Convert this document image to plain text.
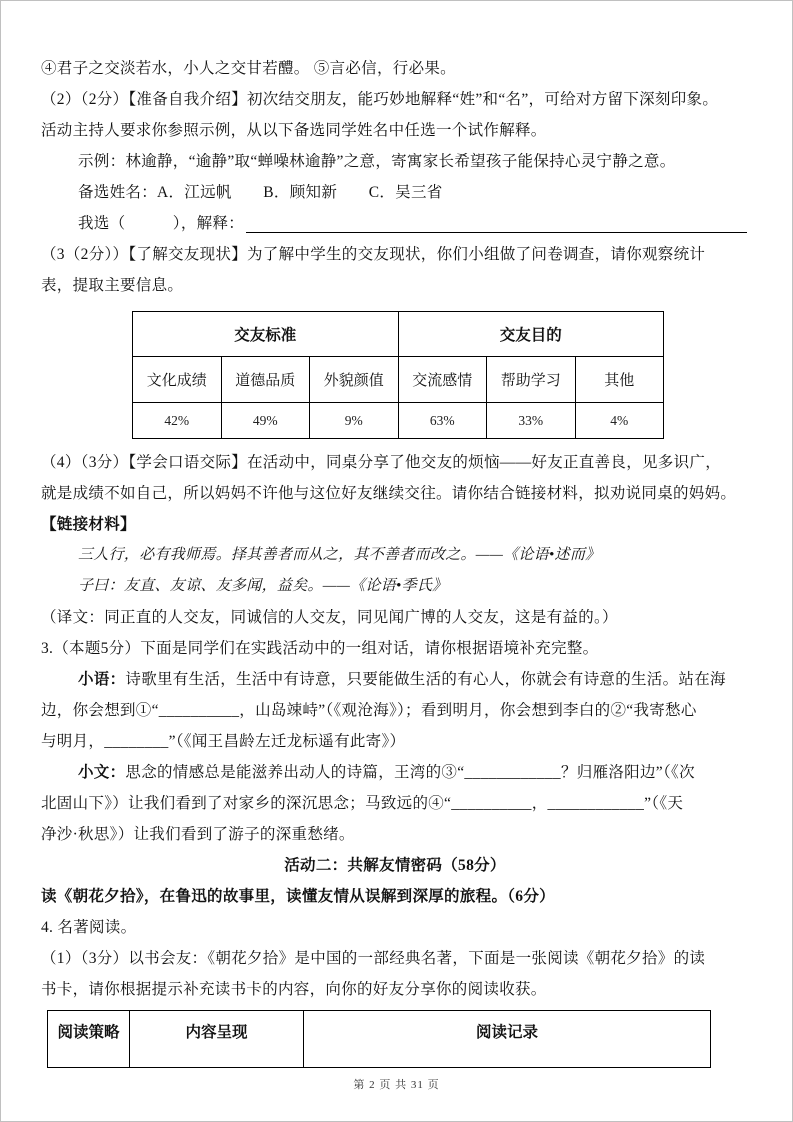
④君子之交淡若水，小人之交甘若醴。 ⑤言必信，行必果。
（2）（2分）【准备自我介绍】初次结交朋友，能巧妙地解释“姓”和“名”，可给对方留下深刻印象。
活动主持人要求你参照示例，从以下备选同学姓名中任选一个试作解释。
示例：林逾静，“逾静”取“蝉噪林逾静”之意，寄寓家长希望孩子能保持心灵宁静之意。
备选姓名：A．江远帆　　B．顾知新　　C．吴三省
我选（　　　），解释：
（3（2分））【了解交友现状】为了解中学生的交友现状，你们小组做了问卷调查，请你观察统计
表，提取主要信息。
交友标准			交友目的		
文化成绩	道德品质	外貌颜值	交流感情	帮助学习	其他
42%	49%	9%	63%	33%	4%
（4）（3分）【学会口语交际】在活动中，同桌分享了他交友的烦恼——好友正直善良，见多识广，
就是成绩不如自己，所以妈妈不许他与这位好友继续交往。请你结合链接材料，拟劝说同桌的妈妈。
【链接材料】
三人行，必有我师焉。择其善者而从之，其不善者而改之。——《论语•述而》
子曰：友直、友谅、友多闻，益矣。——《论语•季氏》
（译文：同正直的人交友，同诚信的人交友，同见闻广博的人交友，这是有益的。）
3.（本题5分）下面是同学们在实践活动中的一组对话，请你根据语境补充完整。
小语：诗歌里有生活，生活中有诗意，只要能做生活的有心人，你就会有诗意的生活。站在海
边，你会想到①“__________，山岛竦峙”（《观沧海》）；看到明月，你会想到李白的②“我寄愁心
与明月，________”（《闻王昌龄左迁龙标遥有此寄》）
小文：思念的情感总是能滋养出动人的诗篇，王湾的③“____________？归雁洛阳边”（《次
北固山下》）让我们看到了对家乡的深沉思念；马致远的④“__________，____________”（《天
净沙·秋思》）让我们看到了游子的深重愁绪。
活动二：共解友情密码（58分）
读《朝花夕拾》，在鲁迅的故事里，读懂友情从误解到深厚的旅程。（6分）
4. 名著阅读。
（1）（3分）以书会友：《朝花夕拾》是中国的一部经典名著，下面是一张阅读《朝花夕拾》的读
书卡，请你根据提示补充读书卡的内容，向你的好友分享你的阅读收获。
阅读策略	内容呈现	阅读记录
第 2 页 共 31 页
